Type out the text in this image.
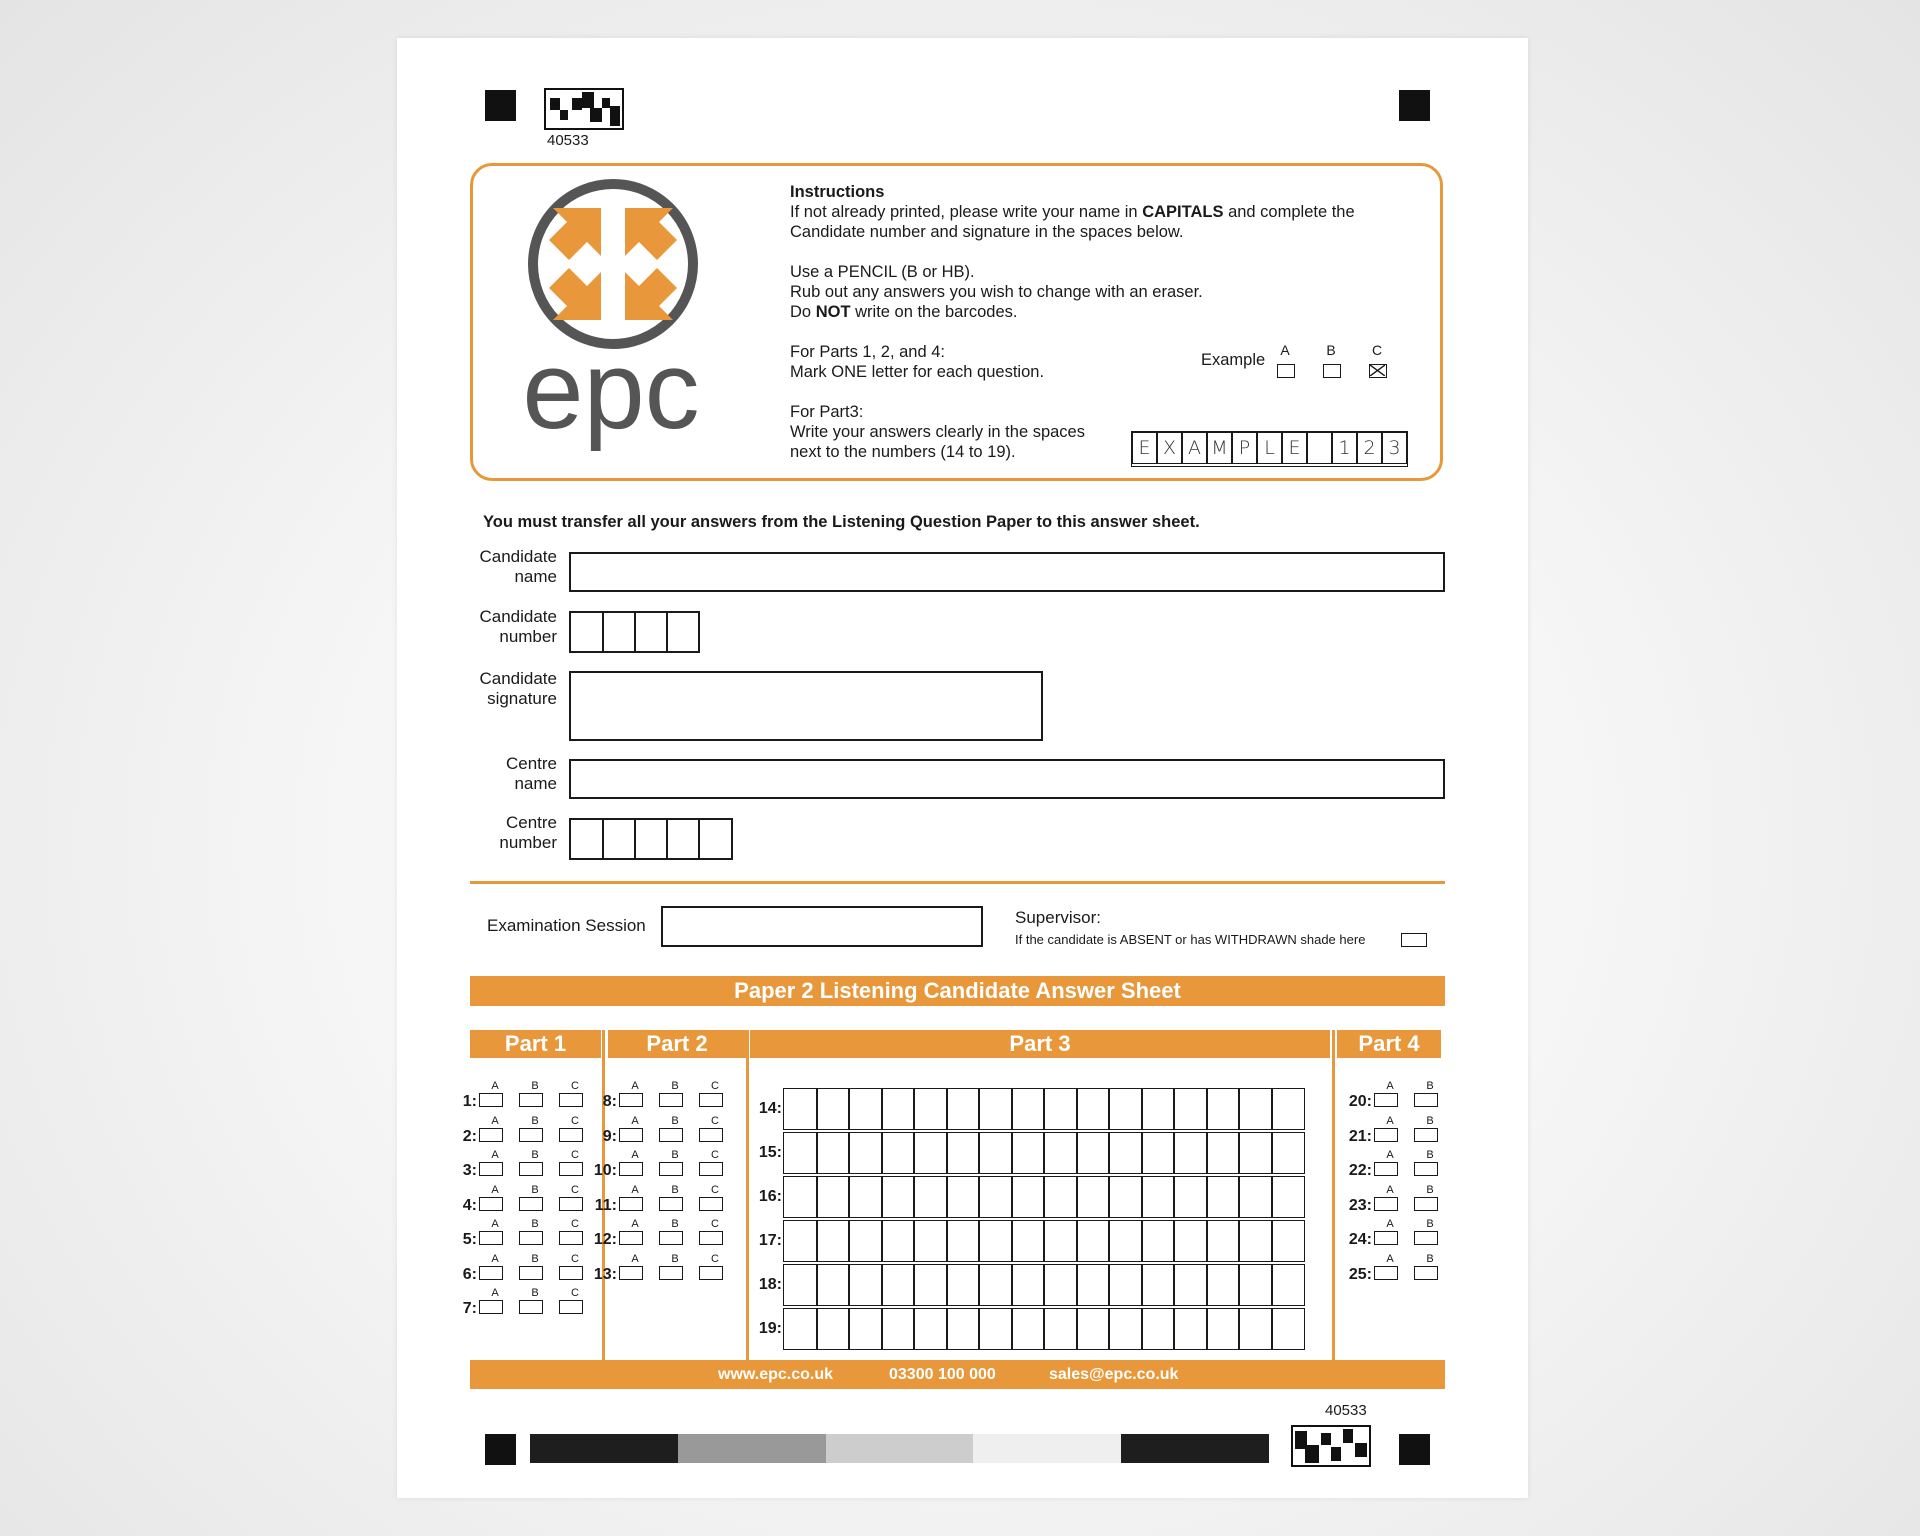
40533
epc
Instructions
If not already printed, please write your name in CAPITALS and complete the
Candidate number and signature in the spaces below.
Use a PENCIL (B or HB).
Rub out any answers you wish to change with an eraser.
Do NOT write on the barcodes.
For Parts 1, 2, and 4:
Mark ONE letter for each question.
For Part3:
Write your answers clearly in the spaces
next to the numbers (14 to 19).
Example
A	B	C
E X A M P L E	1 2 3
You must transfer all your answers from the Listening Question Paper to this answer sheet.
Candidate
name
Candidate
number
Candidate
signature
Centre
name
Centre
number
Examination Session	Supervisor:
If the candidate is ABSENT or has WITHDRAWN shade here
Paper 2 Listening Candidate Answer Sheet
Part 1	Part 2	Part 3	Part 4
1:
A	B	C
2:
A	B	C
3:
A	B	C
4:
A	B	C
5:
A	B	C
6:
A	B	C
7:
A	B	C
8:
A	B	C
9:
A	B	C
10:
A	B	C
11:
A	B	C
12:
A	B	C
13:
A	B	C
14:
15:
16:
17:
18:
19:
20:
A	B
21:
A	B
22:
A	B
23:
A	B
24:
A	B
25:
A	B
www.epc.co.uk	03300 100 000	sales@epc.co.uk
40533
